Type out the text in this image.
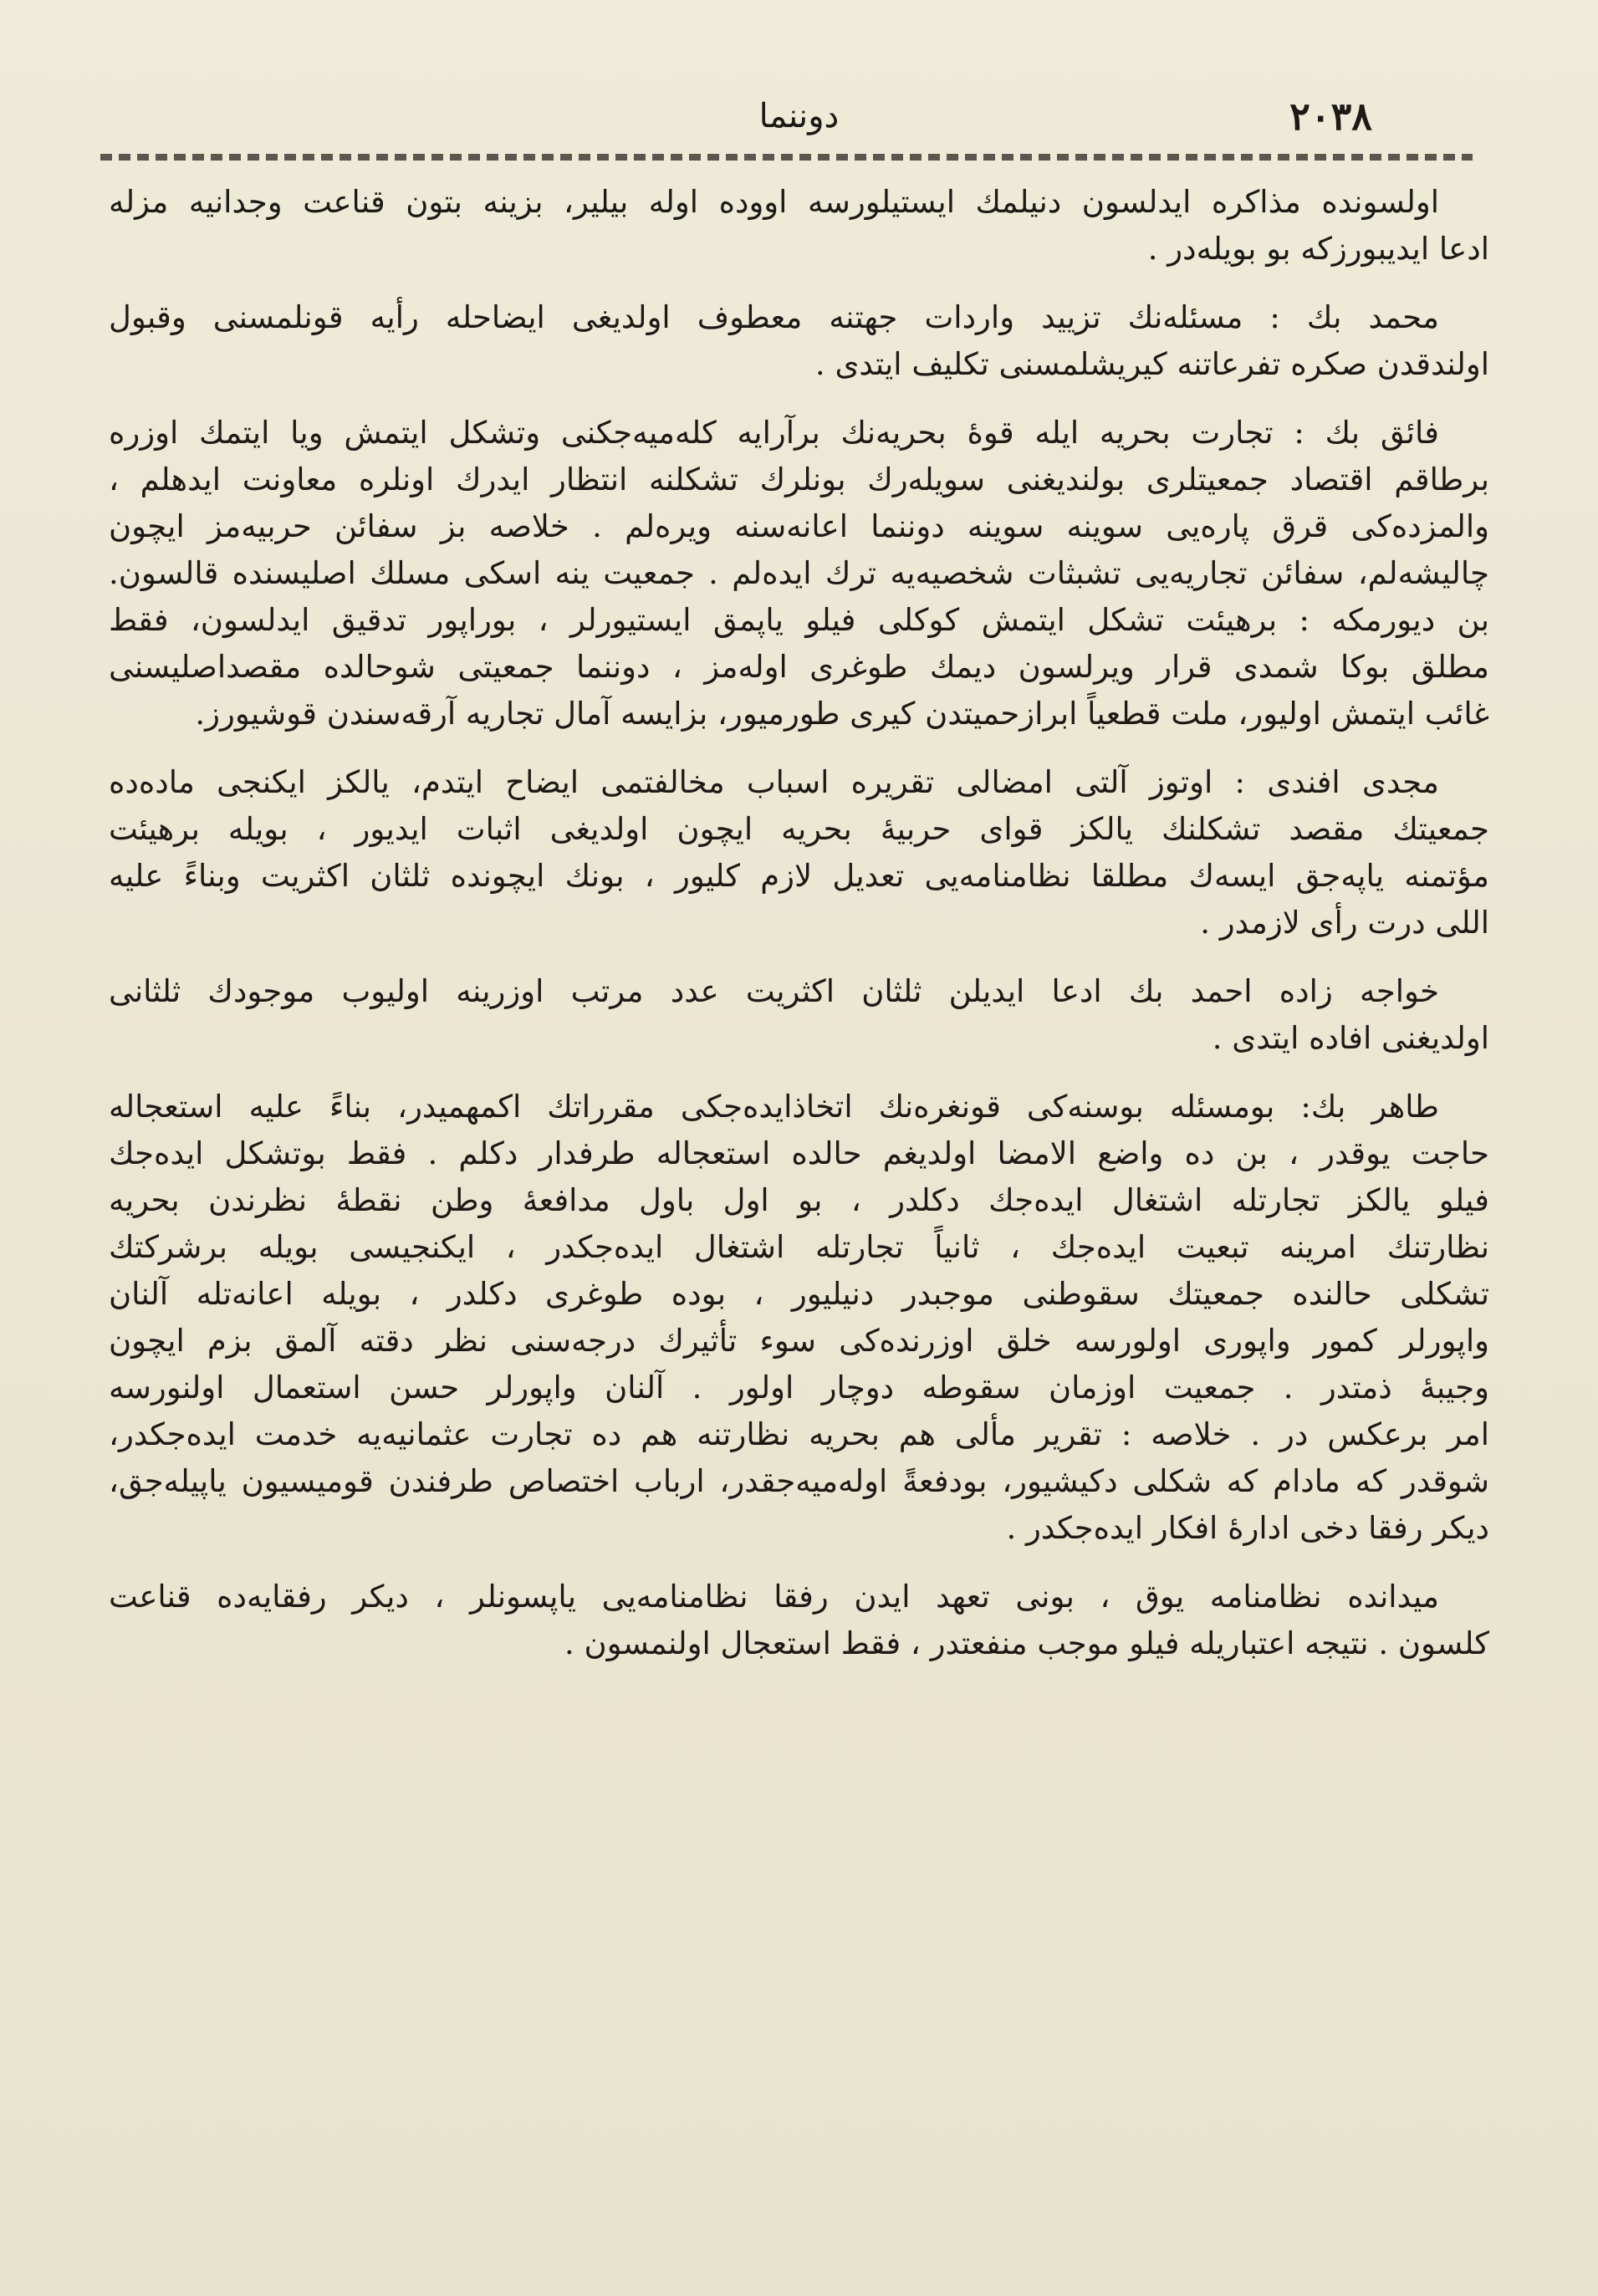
۲۰۳۸
دوننما
اولسونده مذاكره ايدلسون دنيلمك ايستيلورسه اووده اوله بيلير، بزينه بتون قناعت وجدانيه مزله
ادعا ايديبورزكه بو بويله‌در .
محمد بك : مسئله‌نك تزييد واردات جهتنه معطوف اولديغى ايضاحله رأيه قونلمسنى وقبول
اولندقدن صكره تفرعاتنه كيريشلمسنى تكليف ايتدى .
فائق بك : تجارت بحريه ايله قوهٔ بحريه‌نك برآرايه كله‌ميه‌جكنى وتشكل ايتمش ويا ايتمك اوزره
برطاقم اقتصاد جمعيتلرى بولنديغنى سويله‌رك بونلرك تشكلنه انتظار ايدرك اونلره معاونت ايدهلم ،
والمزده‌كى قرق پاره‌يى سوينه سوينه دوننما اعانه‌سنه ويره‌لم . خلاصه بز سفائن حربيه‌مز ايچون
چاليشه‌لم، سفائن تجاريه‌يى تشبثات شخصيه‌يه ترك ايده‌لم . جمعيت ينه اسكى مسلك اصليسنده قالسون.
بن ديورمكه : برهيئت تشكل ايتمش كوكلى فيلو ياپمق ايستيورلر ، بوراپور تدقيق ايدلسون، فقط
مطلق بوكا شمدى قرار ويرلسون ديمك طوغرى اوله‌مز ، دوننما جمعيتى شوحالده مقصداصليسنى
غائب ايتمش اوليور، ملت قطعياً ابرازحميتدن كيرى طورميور، بزايسه آمال تجاريه آرقه‌سندن قوشيورز.
مجدى افندى : اوتوز آلتى امضالى تقريره اسباب مخالفتمى ايضاح ايتدم، يالكز ايكنجى ماده‌ده
جمعيتك مقصد تشكلنك يالكز قواى حربيهٔ بحريه ايچون اولديغى اثبات ايديور ، بويله برهيئت
مؤتمنه ياپه‌جق ايسه‌ك مطلقا نظامنامه‌يى تعديل لازم كليور ، بونك ايچونده ثلثان اكثريت وبناءً عليه
اللى درت رأى لازمدر .
خواجه زاده احمد بك ادعا ايديلن ثلثان اكثريت عدد مرتب اوزرينه اوليوب موجودك ثلثانى
اولديغنى افاده ايتدى .
طاهر بك: بومسئله بوسنه‌كى قونغره‌نك اتخاذايده‌جكى مقرراتك اكمهميدر، بناءً عليه استعجاله
حاجت يوقدر ، بن ده واضع الامضا اولديغم حالده استعجاله طرفدار دكلم . فقط بوتشكل ايده‌جك
فيلو يالكز تجارتله اشتغال ايده‌جك دكلدر ، بو اول باول مدافعهٔ وطن نقطهٔ نظرندن بحريه
نظارتنك امرينه تبعيت ايده‌جك ، ثانياً تجارتله اشتغال ايده‌جكدر ، ايكنجيسى بويله برشركتك
تشكلى حالنده جمعيتك سقوطنى موجبدر دنيليور ، بوده طوغرى دكلدر ، بويله اعانه‌تله آلنان
واپورلر كمور واپورى اولورسه خلق اوزرنده‌كى سوء تأثيرك درجه‌سنى نظر دقته آلمق بزم ايچون
وجيبهٔ ذمتدر . جمعيت اوزمان سقوطه دوچار اولور . آلنان واپورلر حسن استعمال اولنورسه
امر برعكس در . خلاصه : تقرير مألى هم بحريه نظارتنه هم ده تجارت عثمانيه‌يه خدمت ايده‌جكدر،
شوقدر كه مادام كه شكلى دكيشيور، بودفعةً اوله‌ميه‌جقدر، ارباب اختصاص طرفندن قوميسيون ياپيله‌جق،
ديكر رفقا دخى ادارهٔ افكار ايده‌جكدر .
ميدانده نظامنامه يوق ، بونى تعهد ايدن رفقا نظامنامه‌يى ياپسونلر ، ديكر رفقايه‌ده قناعت
كلسون . نتيجه اعتباريله فيلو موجب منفعتدر ، فقط استعجال اولنمسون .
